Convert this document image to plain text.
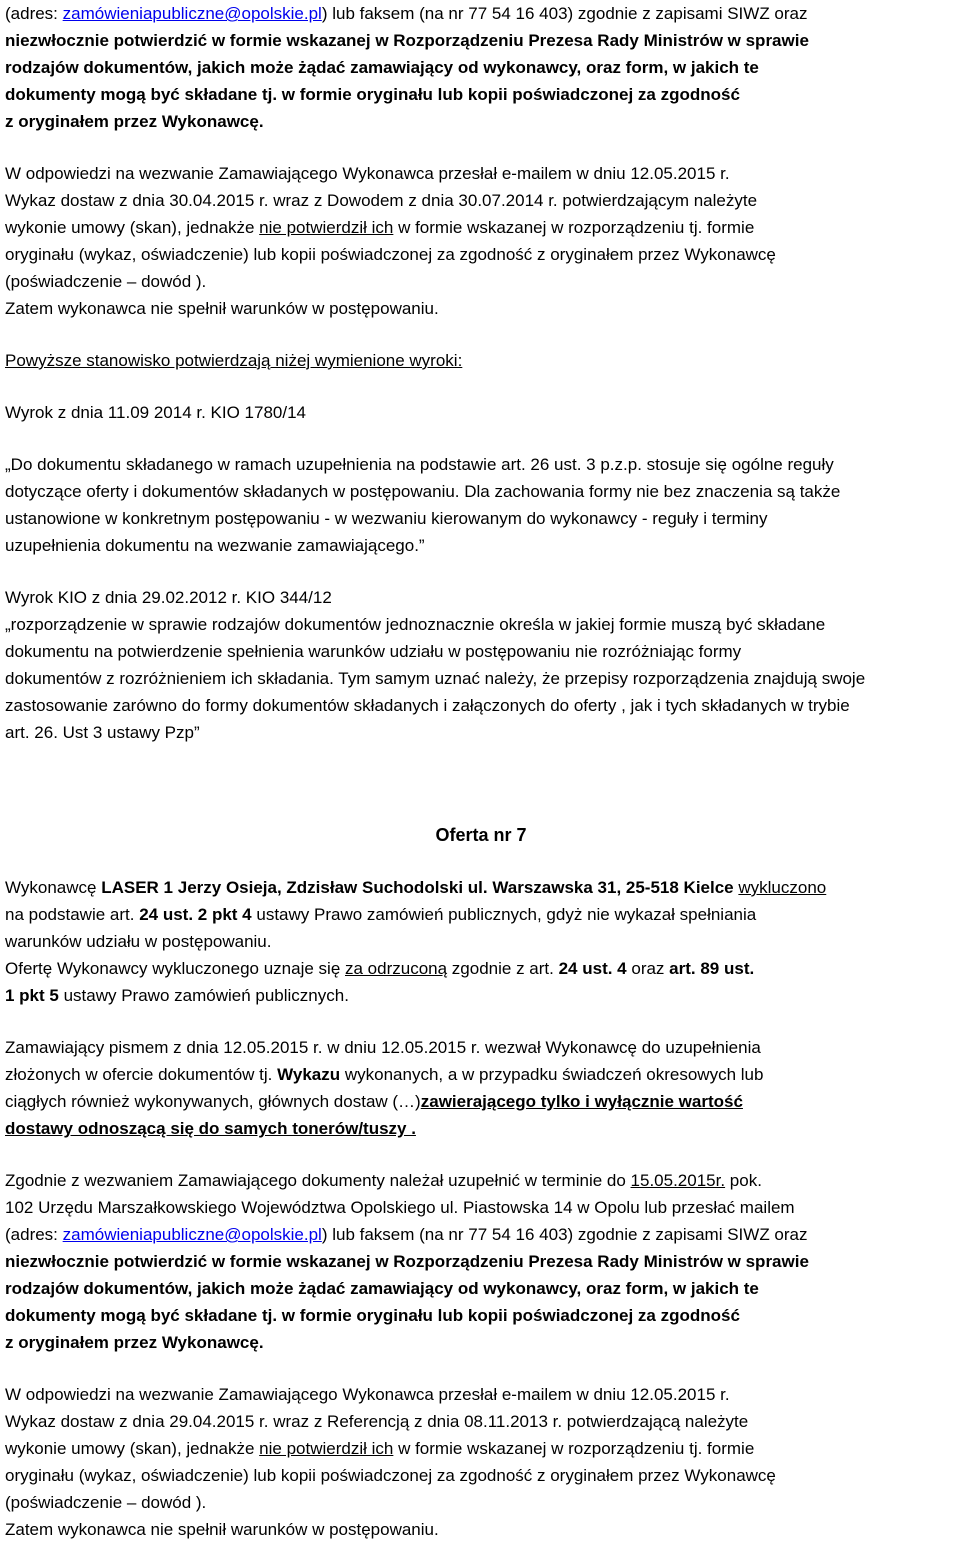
(adres: zamówieniapubliczne@opolskie.pl) lub faksem (na nr 77 54 16 403) zgodnie z zapisami SIWZ oraz
niezwłocznie potwierdzić w formie wskazanej w Rozporządzeniu Prezesa Rady Ministrów w sprawie
rodzajów dokumentów, jakich może żądać zamawiający od wykonawcy, oraz form, w jakich te
dokumenty mogą być składane tj. w formie oryginału lub kopii poświadczonej za zgodność
z oryginałem przez Wykonawcę.

W odpowiedzi na wezwanie Zamawiającego Wykonawca przesłał e-mailem w dniu 12.05.2015 r.
Wykaz dostaw z dnia 30.04.2015 r. wraz z Dowodem z dnia 30.07.2014 r. potwierdzającym należyte
wykonie umowy (skan), jednakże nie potwierdził ich w formie wskazanej w rozporządzeniu tj. formie
oryginału (wykaz, oświadczenie) lub kopii poświadczonej za zgodność z oryginałem przez Wykonawcę
(poświadczenie – dowód ).
Zatem wykonawca nie spełnił warunków w postępowaniu.

Powyższe stanowisko potwierdzają niżej wymienione wyroki:

Wyrok z dnia 11.09 2014 r. KIO 1780/14

„Do dokumentu składanego w ramach uzupełnienia na podstawie art. 26 ust. 3 p.z.p. stosuje się ogólne reguły
dotyczące oferty i dokumentów składanych w postępowaniu. Dla zachowania formy nie bez znaczenia są także
ustanowione w konkretnym postępowaniu - w wezwaniu kierowanym do wykonawcy - reguły i terminy
uzupełnienia dokumentu na wezwanie zamawiającego.”

Wyrok KIO z dnia 29.02.2012 r. KIO 344/12

„rozporządzenie w sprawie rodzajów dokumentów jednoznacznie określa w jakiej formie muszą być składane
dokumentu na potwierdzenie spełnienia warunków udziału w postępowaniu nie rozróżniając formy
dokumentów z rozróżnieniem ich składania. Tym samym uznać należy, że przepisy rozporządzenia znajdują swoje
zastosowanie zarówno do formy dokumentów składanych i załączonych do oferty , jak i tych składanych w trybie
art. 26. Ust 3 ustawy Pzp”

Oferta nr 7

Wykonawcę LASER 1 Jerzy Osieja, Zdzisław Suchodolski ul. Warszawska 31, 25-518 Kielce wykluczono
na podstawie art. 24 ust. 2 pkt 4 ustawy Prawo zamówień publicznych, gdyż nie wykazał spełniania
warunków udziału w postępowaniu.
Ofertę Wykonawcy wykluczonego uznaje się za odrzuconą zgodnie z art. 24 ust. 4 oraz art. 89 ust.
1 pkt 5 ustawy Prawo zamówień publicznych.

Zamawiający pismem z dnia 12.05.2015 r. w dniu 12.05.2015 r. wezwał Wykonawcę do uzupełnienia
złożonych w ofercie dokumentów tj. Wykazu wykonanych, a w przypadku świadczeń okresowych lub
ciągłych również wykonywanych, głównych dostaw (…)zawierającego tylko i wyłącznie wartość
dostawy odnoszącą się do samych tonerów/tuszy .

Zgodnie z wezwaniem Zamawiającego dokumenty należał uzupełnić w terminie do 15.05.2015r. pok.
102 Urzędu Marszałkowskiego Województwa Opolskiego ul. Piastowska 14 w Opolu lub przesłać mailem
(adres: zamówieniapubliczne@opolskie.pl) lub faksem (na nr 77 54 16 403) zgodnie z zapisami SIWZ oraz
niezwłocznie potwierdzić w formie wskazanej w Rozporządzeniu Prezesa Rady Ministrów w sprawie
rodzajów dokumentów, jakich może żądać zamawiający od wykonawcy, oraz form, w jakich te
dokumenty mogą być składane tj. w formie oryginału lub kopii poświadczonej za zgodność
z oryginałem przez Wykonawcę.

W odpowiedzi na wezwanie Zamawiającego Wykonawca przesłał e-mailem w dniu 12.05.2015 r.
Wykaz dostaw z dnia 29.04.2015 r. wraz z Referencją z dnia 08.11.2013 r. potwierdzającą należyte
wykonie umowy (skan), jednakże nie potwierdził ich w formie wskazanej w rozporządzeniu tj. formie
oryginału (wykaz, oświadczenie) lub kopii poświadczonej za zgodność z oryginałem przez Wykonawcę
(poświadczenie – dowód ).
Zatem wykonawca nie spełnił warunków w postępowaniu.
